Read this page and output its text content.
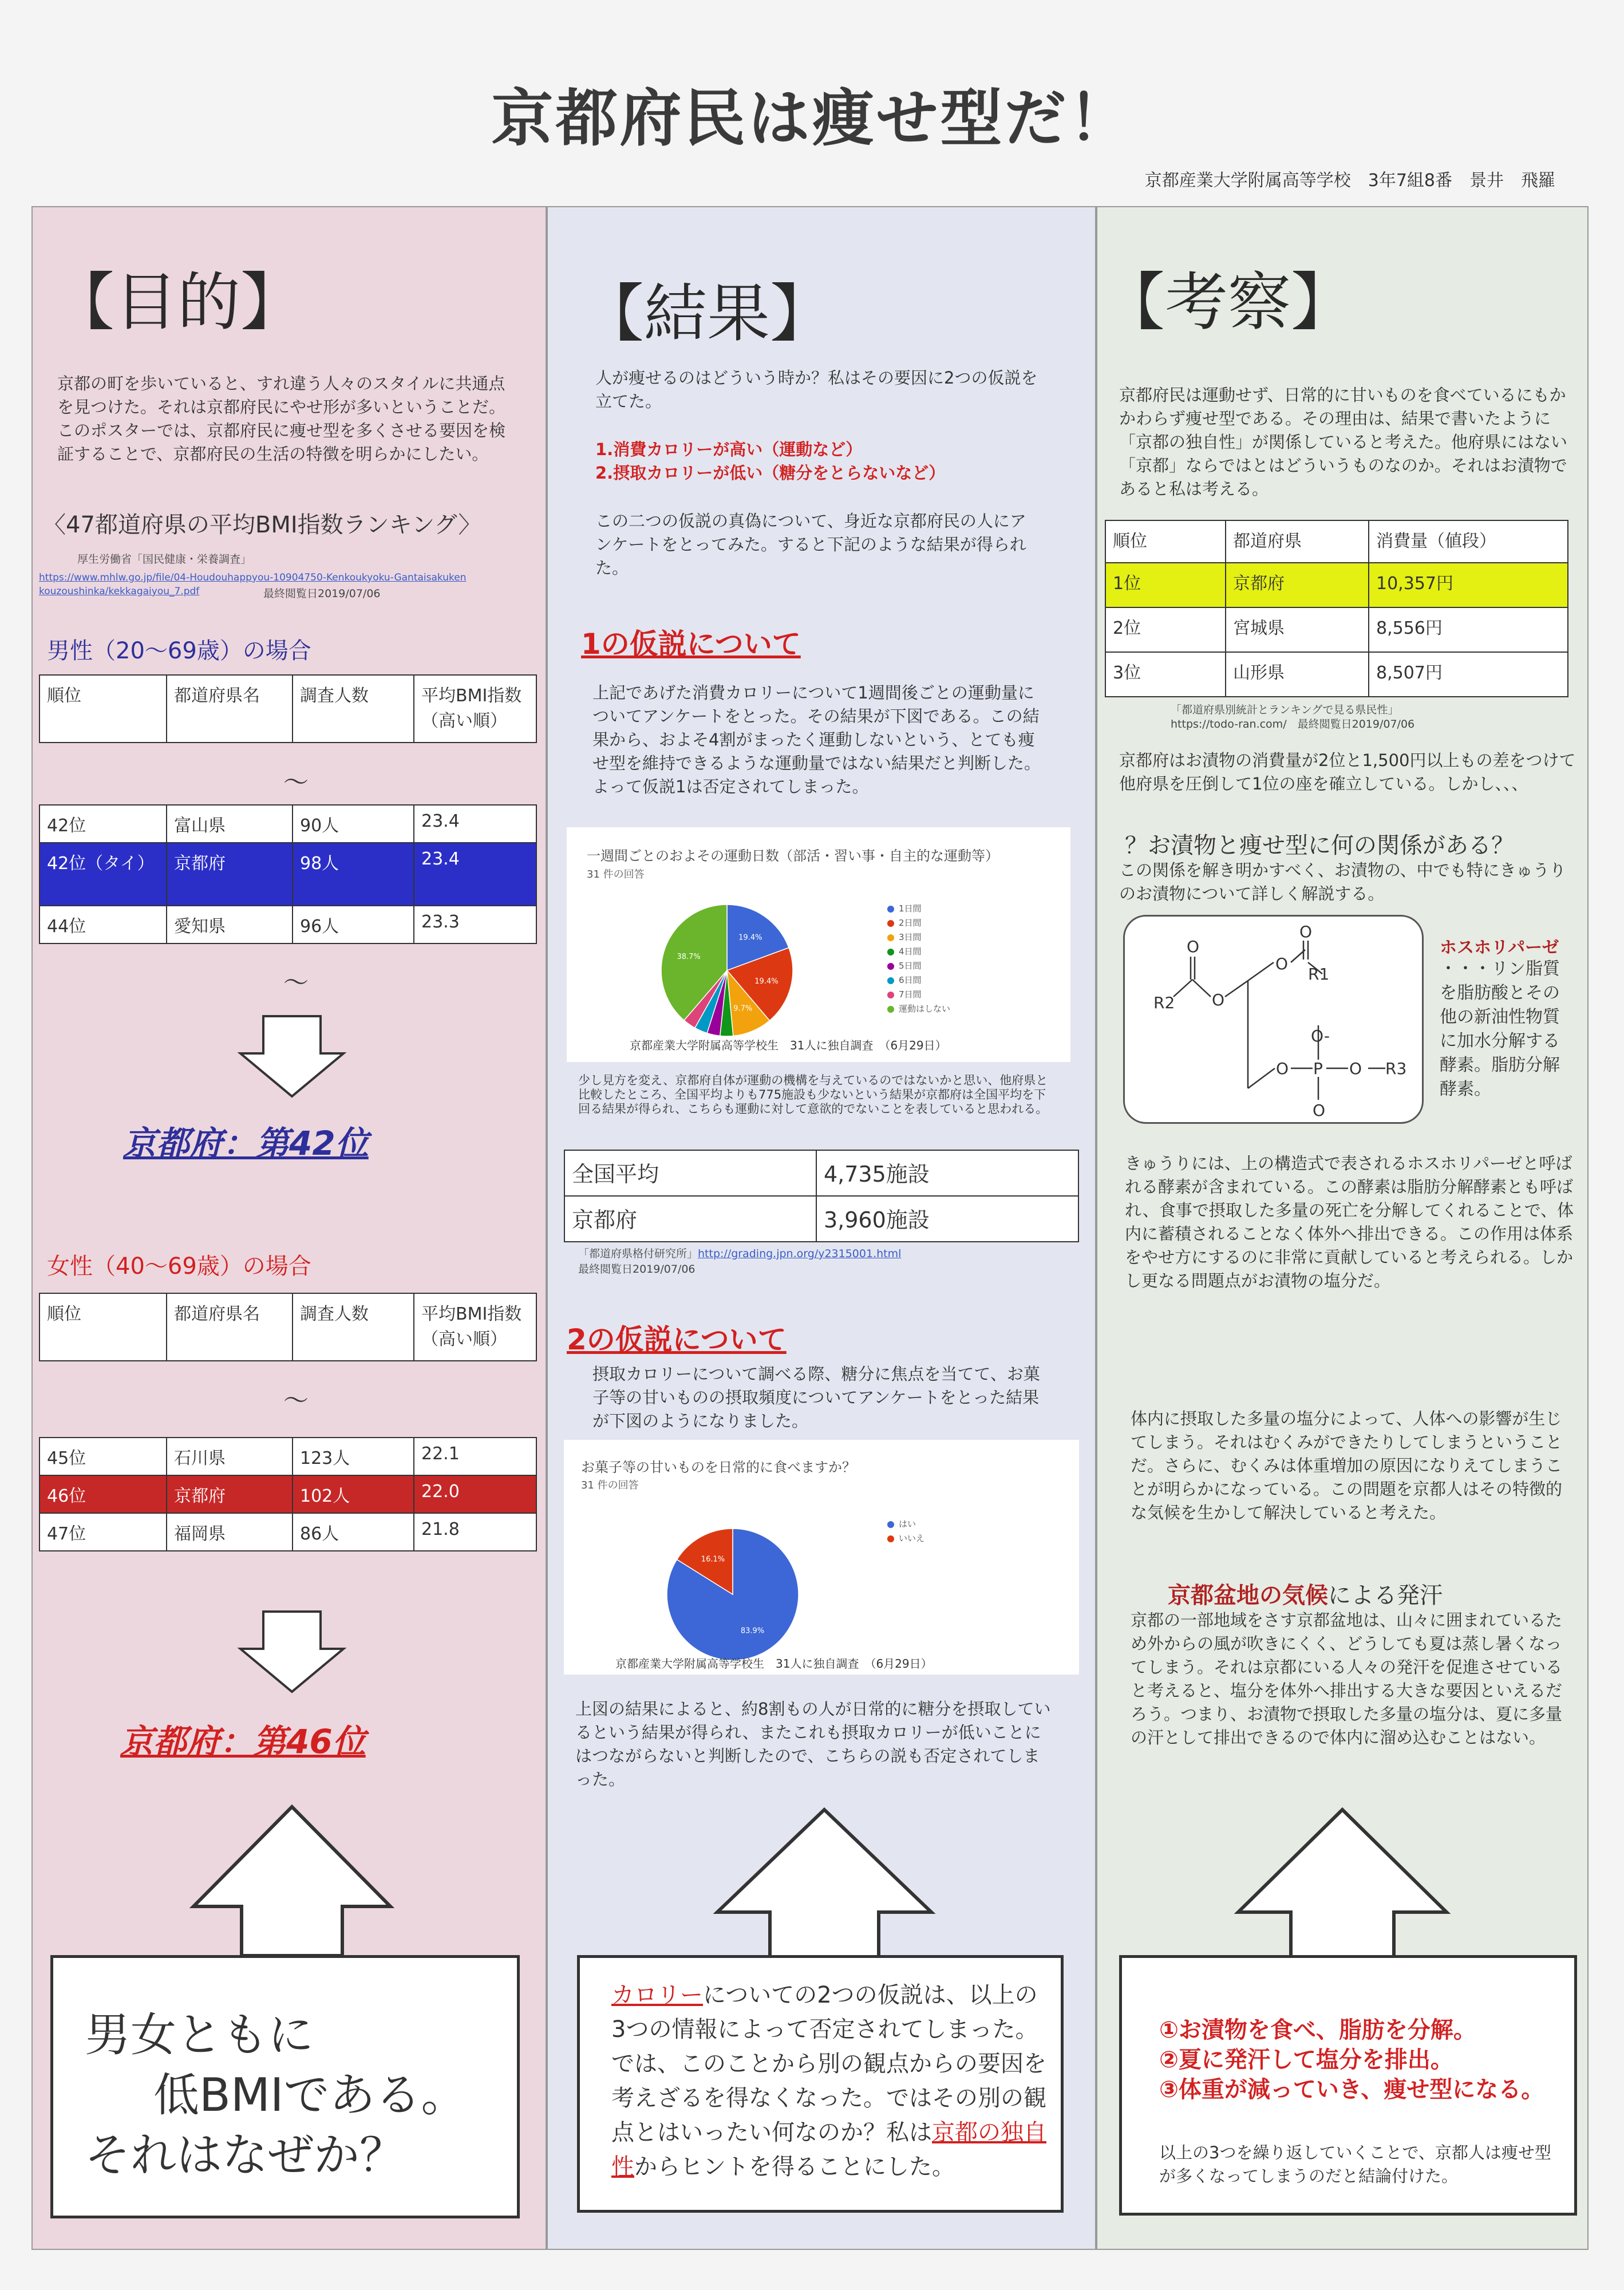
京都府民は痩せ型だ！
京都産業大学附属高等学校　3年7組8番　景井　飛羅
【目的】
京都の町を歩いていると、すれ違う人々のスタイルに共通点を見つけた。それは京都府民にやせ形が多いということだ。このポスターでは、京都府民に痩せ型を多くさせる要因を検証することで、京都府民の生活の特徴を明らかにしたい。
〈47都道府県の平均BMI指数ランキング〉
厚生労働省「国民健康・栄養調査」
https://www.mhlw.go.jp/file/04-Houdouhappyou-10904750-Kenkoukyoku-Gantaisakuken kouzoushinka/kekkagaiyou_7.pdf	最終閲覧日2019/07/06
男性（20～69歳）の場合
順位	都道府県名	調査人数	平均BMI指数（高い順）
～
42位	富山県	90人	23.4
42位（タイ）	京都府	98人	23.4
44位	愛知県	96人	23.3
～
京都府：第42位
女性（40～69歳）の場合
順位	都道府県名	調査人数	平均BMI指数（高い順）
～
45位	石川県	123人	22.1
46位	京都府	102人	22.0
47位	福岡県	86人	21.8
京都府：第46位
男女ともに
低BMIである。
それはなぜか？
【結果】
人が痩せるのはどういう時か？私はその要因に2つの仮説を立てた。
1.消費カロリーが高い（運動など）
2.摂取カロリーが低い（糖分をとらないなど）
この二つの仮説の真偽について、身近な京都府民の人にアンケートをとってみた。すると下記のような結果が得られた。
1の仮説について
上記であげた消費カロリーについて1週間後ごとの運動量についてアンケートをとった。その結果が下図である。この結果から、およそ4割がまったく運動しないという、とても痩せ型を維持できるような運動量ではない結果だと判断した。よって仮説1は否定されてしまった。
一週間ごとのおよその運動日数（部活・習い事・自主的な運動等）
31 件の回答
19.4%
19.4%
9.7%
38.7%
1日間
2日間
3日間
4日間
5日間
6日間
7日間
運動はしない
京都産業大学附属高等学校生　31人に独自調査　（6月29日）
少し見方を変え、京都府自体が運動の機構を与えているのではないかと思い、他府県と比較したところ、全国平均よりも775施設も少ないという結果が京都府は全国平均を下回る結果が得られ、こちらも運動に対して意欲的でないことを表していると思われる。
全国平均	4,735施設
京都府	3,960施設
「都道府県格付研究所」http://grading.jpn.org/y2315001.html
最終閲覧日2019/07/06
2の仮説について
摂取カロリーについて調べる際、糖分に焦点を当てて、お菓子等の甘いものの摂取頻度についてアンケートをとった結果が下図のようになりました。
お菓子等の甘いものを日常的に食べますか？
31 件の回答
83.9%
16.1%
はい
いいえ
京都産業大学附属高等学校生　31人に独自調査　（6月29日）
上図の結果によると、約8割もの人が日常的に糖分を摂取しているという結果が得られ、またこれも摂取カロリーが低いことにはつながらないと判断したので、こちらの説も否定されてしまった。
カロリーについての2つの仮説は、以上の3つの情報によって否定されてしまった。では、このことから別の観点からの要因を考えざるを得なくなった。ではその別の観点とはいったい何なのか？私は京都の独自性からヒントを得ることにした。
【考察】
京都府民は運動せず、日常的に甘いものを食べているにもかかわらず痩せ型である。その理由は、結果で書いたように「京都の独自性」が関係していると考えた。他府県にはない「京都」ならではとはどういうものなのか。それはお漬物であると私は考える。
順位	都道府県	消費量（値段）
1位	京都府	10,357円
2位	宮城県	8,556円
3位	山形県	8,507円
「都道府県別統計とランキングで見る県民性」
https://todo-ran.com/　 最終閲覧日2019/07/06
京都府はお漬物の消費量が2位と1,500円以上もの差をつけて他府県を圧倒して1位の座を確立している。しかし、、、
？お漬物と痩せ型に何の関係がある？
この関係を解き明かすべく、お漬物の、中でも特にきゅうりのお漬物について詳しく解説する。
O
R1
O
R2 O
O
O-
O P O R3
O
ホスホリパーゼ
・・・リン脂質を脂肪酸とその他の新油性物質に加水分解する酵素。脂肪分解酵素。
きゅうりには、上の構造式で表されるホスホリパーゼと呼ばれる酵素が含まれている。この酵素は脂肪分解酵素とも呼ばれ、食事で摂取した多量の死亡を分解してくれることで、体内に蓄積されることなく体外へ排出できる。この作用は体系をやせ方にするのに非常に貢献していると考えられる。しかし更なる問題点がお漬物の塩分だ。
体内に摂取した多量の塩分によって、人体への影響が生じてしまう。それはむくみができたりしてしまうということだ。さらに、むくみは体重増加の原因になりえてしまうことが明らかになっている。この問題を京都人はその特徴的な気候を生かして解決していると考えた。
京都盆地の気候による発汗
京都の一部地域をさす京都盆地は、山々に囲まれているため外からの風が吹きにくく、どうしても夏は蒸し暑くなってしまう。それは京都にいる人々の発汗を促進させていると考えると、塩分を体外へ排出する大きな要因といえるだろう。つまり、お漬物で摂取した多量の塩分は、夏に多量の汗として排出できるので体内に溜め込むことはない。
①お漬物を食べ、脂肪を分解。
②夏に発汗して塩分を排出。
③体重が減っていき、痩せ型になる。
以上の3つを繰り返していくことで、京都人は痩せ型が多くなってしまうのだと結論付けた。
